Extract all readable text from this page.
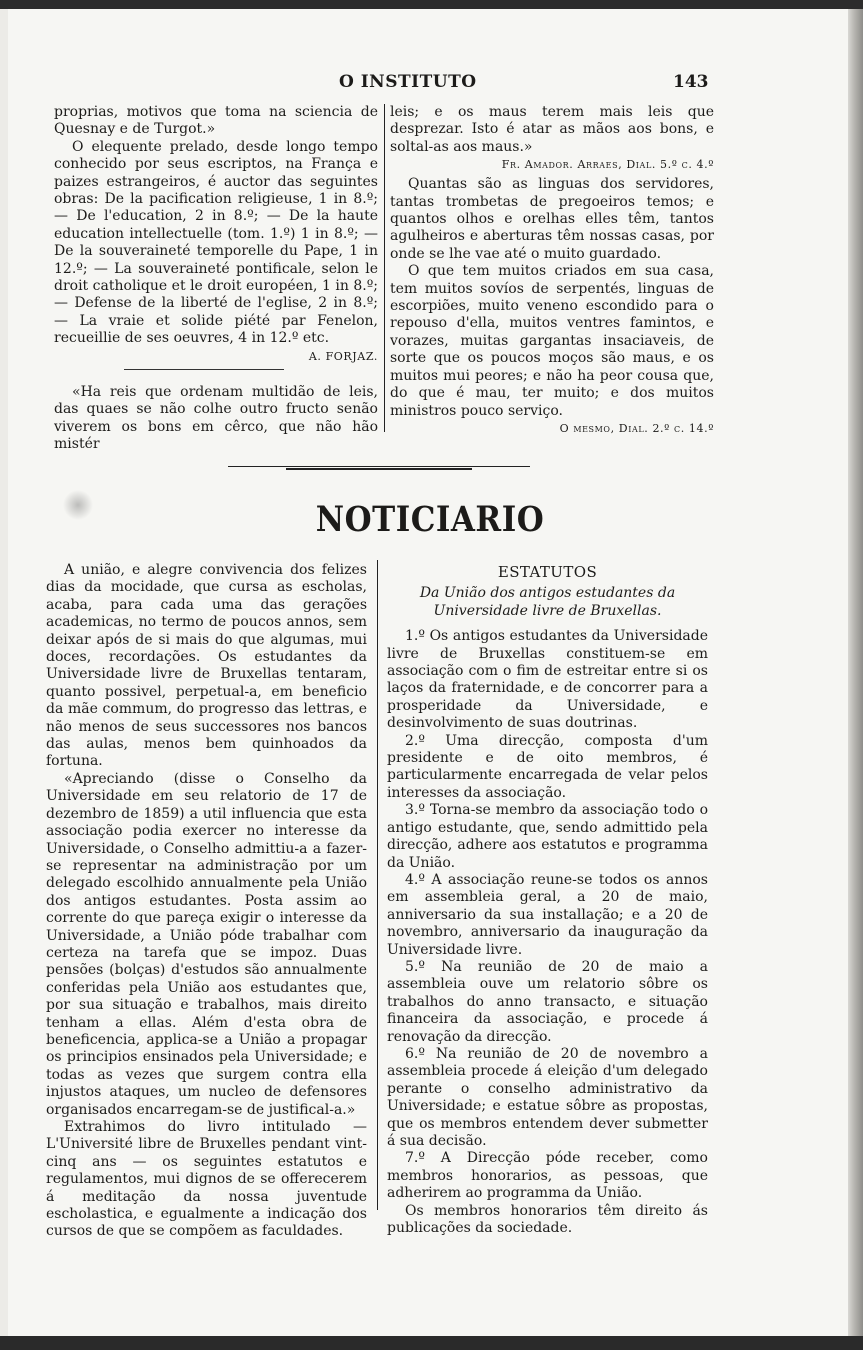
O INSTITUTO	143

proprias, motivos que toma na sciencia de Quesnay e de Turgot.»

O elequente prelado, desde longo tempo conhecido por seus escriptos, na França e paizes estrangeiros, é auctor das seguintes obras: De la pacification religieuse, 1 in 8.º; — De l'education, 2 in 8.º; — De la haute education intellectuelle (tom. 1.º) 1 in 8.º; — De la souveraineté temporelle du Pape, 1 in 12.º; — La souveraineté pontificale, selon le droit catholique et le droit européen, 1 in 8.º; — Defense de la liberté de l'eglise, 2 in 8.º; — La vraie et solide piété par Fenelon, recueillie de ses oeuvres, 4 in 12.º etc.
A. FORJAZ.

«Ha reis que ordenam multidão de leis, das quaes se não colhe outro fructo senão viverem os bons em cêrco, que não hão mistér

leis; e os maus terem mais leis que desprezar. Isto é atar as mãos aos bons, e soltal-as aos maus.»
Fr. Amador. Arraes, Dial. 5.º c. 4.º

Quantas são as linguas dos servidores, tantas trombetas de pregoeiros temos; e quantos olhos e orelhas elles têm, tantos agulheiros e aberturas têm nossas casas, por onde se lhe vae até o muito guardado.

O que tem muitos criados em sua casa, tem muitos sovíos de serpentés, linguas de escorpiões, muito veneno escondido para o repouso d'ella, muitos ventres famintos, e vorazes, muitas gargantas insaciaveis, de sorte que os poucos moços são maus, e os muitos mui peores; e não ha peor cousa que, do que é mau, ter muito; e dos muitos ministros pouco serviço.
O mesmo, Dial. 2.º c. 14.º

NOTICIARIO

A união, e alegre convivencia dos felizes dias da mocidade, que cursa as escholas, acaba, para cada uma das gerações academicas, no termo de poucos annos, sem deixar após de si mais do que algumas, mui doces, recordações. Os estudantes da Universidade livre de Bruxellas tentaram, quanto possivel, perpetual-a, em beneficio da mãe commum, do progresso das lettras, e não menos de seus successores nos bancos das aulas, menos bem quinhoados da fortuna.

«Apreciando (disse o Conselho da Universidade em seu relatorio de 17 de dezembro de 1859) a util influencia que esta associação podia exercer no interesse da Universidade, o Conselho admittiu-a a fazer-se representar na administração por um delegado escolhido annualmente pela União dos antigos estudantes. Posta assim ao corrente do que pareça exigir o interesse da Universidade, a União póde trabalhar com certeza na tarefa que se impoz. Duas pensões (bolças) d'estudos são annualmente conferidas pela União aos estudantes que, por sua situação e trabalhos, mais direito tenham a ellas. Além d'esta obra de beneficencia, applica-se a União a propagar os principios ensinados pela Universidade; e todas as vezes que surgem contra ella injustos ataques, um nucleo de defensores organisados encarregam-se de justifical-a.»

Extrahimos do livro intitulado — L'Université libre de Bruxelles pendant vint-cinq ans — os seguintes estatutos e regulamentos, mui dignos de se offerecerem á meditação da nossa juventude escholastica, e egualmente a indicação dos cursos de que se compõem as faculdades.

ESTATUTOS
Da União dos antigos estudantes da Universidade livre de Bruxellas.

1.º Os antigos estudantes da Universidade livre de Bruxellas constituem-se em associação com o fim de estreitar entre si os laços da fraternidade, e de concorrer para a prosperidade da Universidade, e desinvolvimento de suas doutrinas.

2.º Uma direcção, composta d'um presidente e de oito membros, é particularmente encarregada de velar pelos interesses da associação.

3.º Torna-se membro da associação todo o antigo estudante, que, sendo admittido pela direcção, adhere aos estatutos e programma da União.

4.º A associação reune-se todos os annos em assembleia geral, a 20 de maio, anniversario da sua installação; e a 20 de novembro, anniversario da inauguração da Universidade livre.

5.º Na reunião de 20 de maio a assembleia ouve um relatorio sôbre os trabalhos do anno transacto, e situação financeira da associação, e procede á renovação da direcção.

6.º Na reunião de 20 de novembro a assembleia procede á eleição d'um delegado perante o conselho administrativo da Universidade; e estatue sôbre as propostas, que os membros entendem dever submetter á sua decisão.

7.º A Direcção póde receber, como membros honorarios, as pessoas, que adherirem ao programma da União.

Os membros honorarios têm direito ás publicações da sociedade.
